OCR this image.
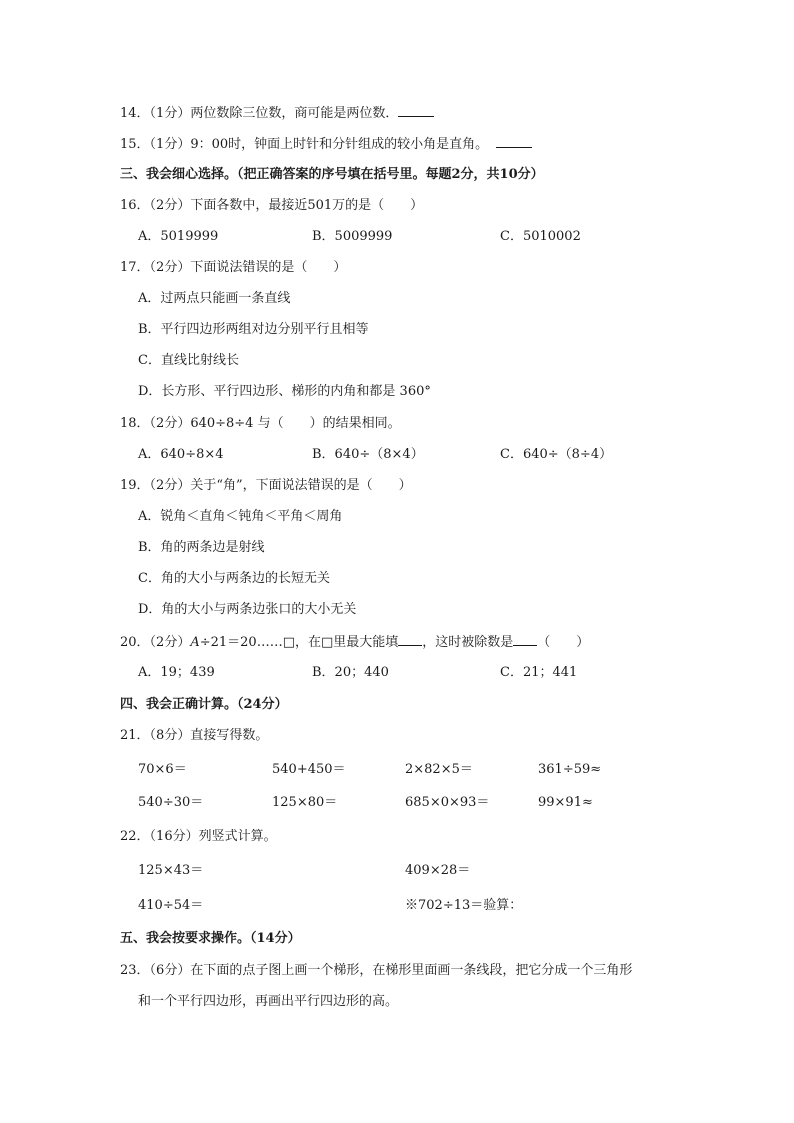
14．（1分）两位数除三位数，商可能是两位数．
15．（1分）9：00时，钟面上时针和分针组成的较小角是直角。
三、我会细心选择。（把正确答案的序号填在括号里。每题2分，共10分）
16．（2分）下面各数中，最接近501万的是（　　）
A．5019999	B．5009999	C．5010002
17．（2分）下面说法错误的是（　　）
A．过两点只能画一条直线
B．平行四边形两组对边分别平行且相等
C．直线比射线长
D．长方形、平行四边形、梯形的内角和都是 360°
18．（2分）640÷8÷4 与（　　）的结果相同。
A．640÷8×4	B．640÷（8×4）	C．640÷（8÷4）
19．（2分）关于“角”，下面说法错误的是（　　）
A．锐角＜直角＜钝角＜平角＜周角
B．角的两条边是射线
C．角的大小与两条边的长短无关
D．角的大小与两条边张口的大小无关
20．（2分）A÷21＝20……□，在□里最大能填 ，这时被除数是 （　　）
A．19；439	B．20；440	C．21；441
四、我会正确计算。（24分）
21．（8分）直接写得数。
70×6＝	540+450＝	2×82×5＝	361÷59≈
540÷30＝	125×80＝	685×0×93＝	99×91≈
22．（16分）列竖式计算。
125×43＝	409×28＝
410÷54＝	※702÷13＝验算：
五、我会按要求操作。（14分）
23．（6分）在下面的点子图上画一个梯形，在梯形里面画一条线段，把它分成一个三角形
和一个平行四边形，再画出平行四边形的高。
